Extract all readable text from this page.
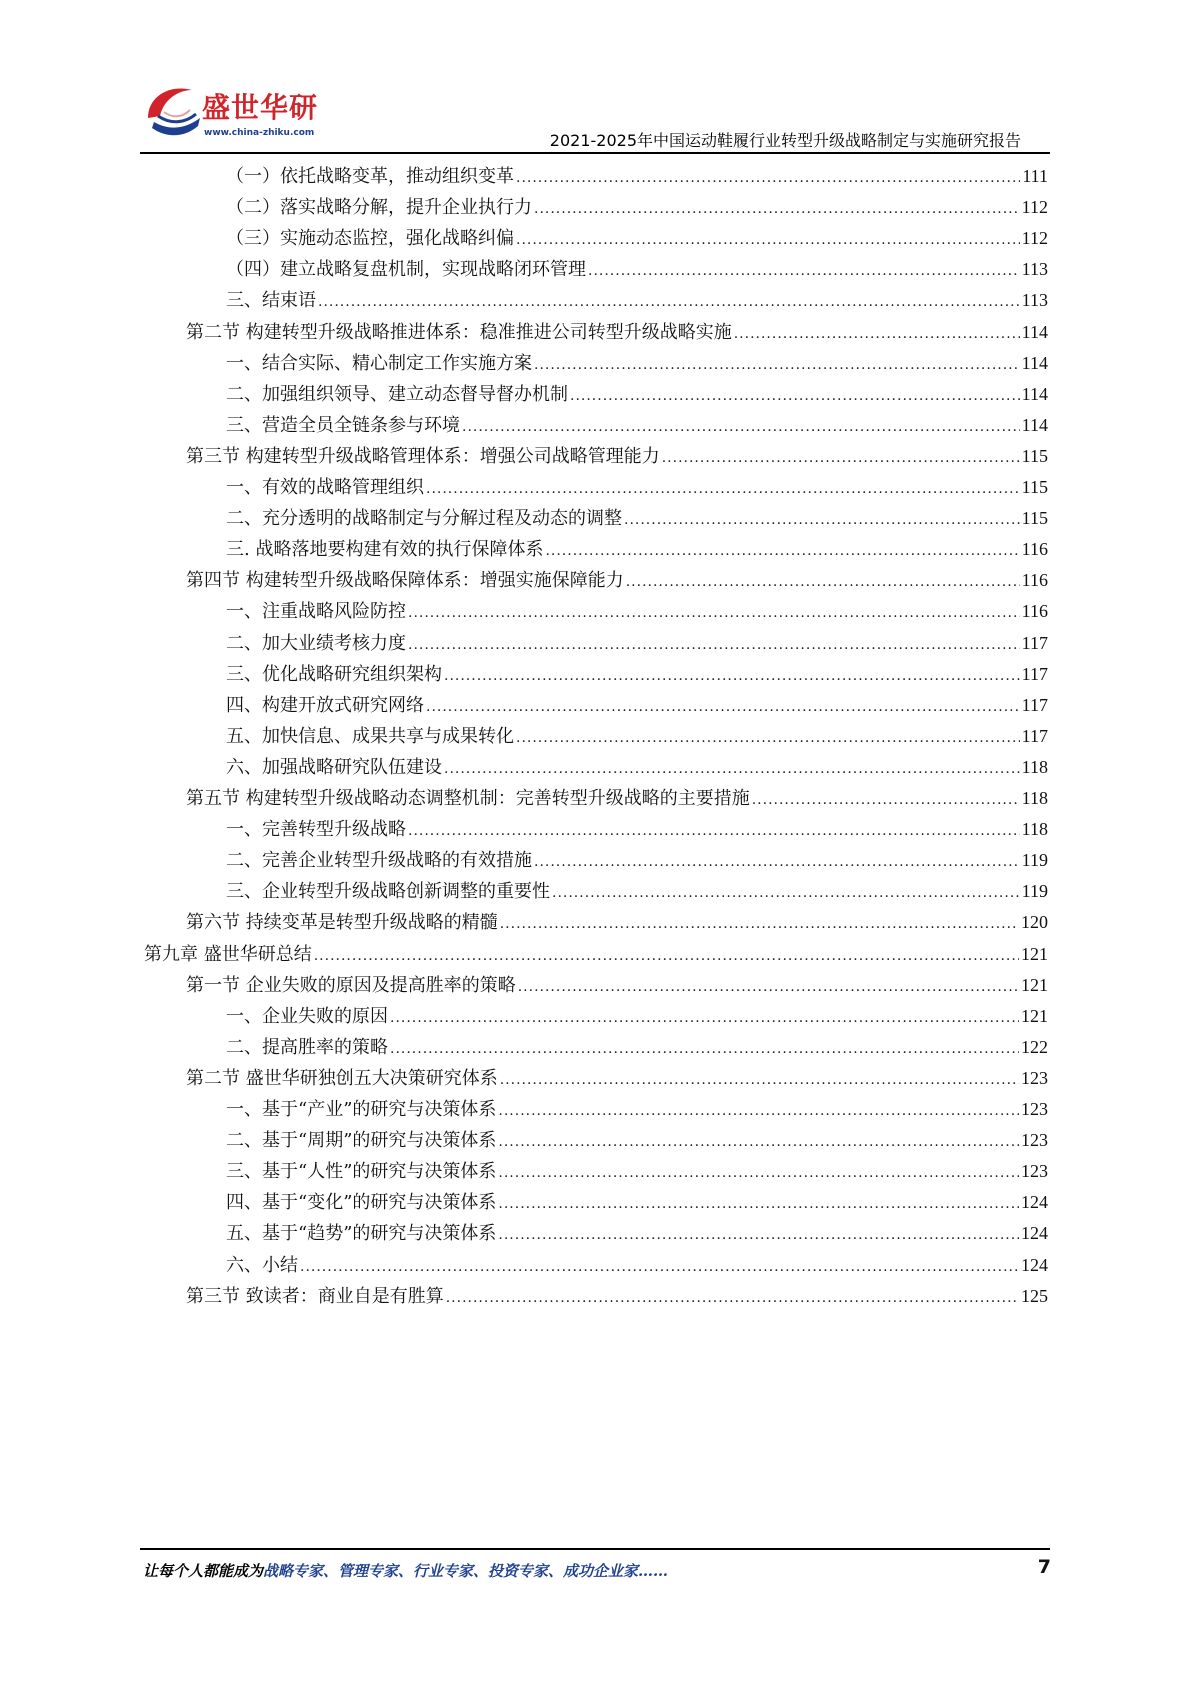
盛世华研
www.china-zhiku.com	2021-2025年中国运动鞋履行业转型升级战略制定与实施研究报告
（一）依托战略变革，推动组织变革 .....	111
（二）落实战略分解，提升企业执行力 .....	112
（三）实施动态监控，强化战略纠偏 .....	112
（四）建立战略复盘机制，实现战略闭环管理 .....	113
三、结束语 .....	113
第二节 构建转型升级战略推进体系：稳准推进公司转型升级战略实施 .....	114
一、结合实际、精心制定工作实施方案 .....	114
二、加强组织领导、建立动态督导督办机制 .....	114
三、营造全员全链条参与环境 .....	114
第三节 构建转型升级战略管理体系：增强公司战略管理能力 .....	115
一、有效的战略管理组织 .....	115
二、充分透明的战略制定与分解过程及动态的调整 .....	115
三. 战略落地要构建有效的执行保障体系 .....	116
第四节 构建转型升级战略保障体系：增强实施保障能力 .....	116
一、注重战略风险防控 .....	116
二、加大业绩考核力度 .....	117
三、优化战略研究组织架构 .....	117
四、构建开放式研究网络 .....	117
五、加快信息、成果共享与成果转化 .....	117
六、加强战略研究队伍建设 .....	118
第五节 构建转型升级战略动态调整机制：完善转型升级战略的主要措施 .....	118
一、完善转型升级战略 .....	118
二、完善企业转型升级战略的有效措施 .....	119
三、企业转型升级战略创新调整的重要性 .....	119
第六节 持续变革是转型升级战略的精髓 .....	120
第九章 盛世华研总结 .....	121
第一节 企业失败的原因及提高胜率的策略 .....	121
一、企业失败的原因 .....	121
二、提高胜率的策略 .....	122
第二节 盛世华研独创五大决策研究体系 .....	123
一、基于“产业”的研究与决策体系 .....	123
二、基于“周期”的研究与决策体系 .....	123
三、基于“人性”的研究与决策体系 .....	123
四、基于“变化”的研究与决策体系 .....	124
五、基于“趋势”的研究与决策体系 .....	124
六、小结 .....	124
第三节 致读者：商业自是有胜算 .....	125
让每个人都能成为战略专家、管理专家、行业专家、投资专家、成功企业家……	7
